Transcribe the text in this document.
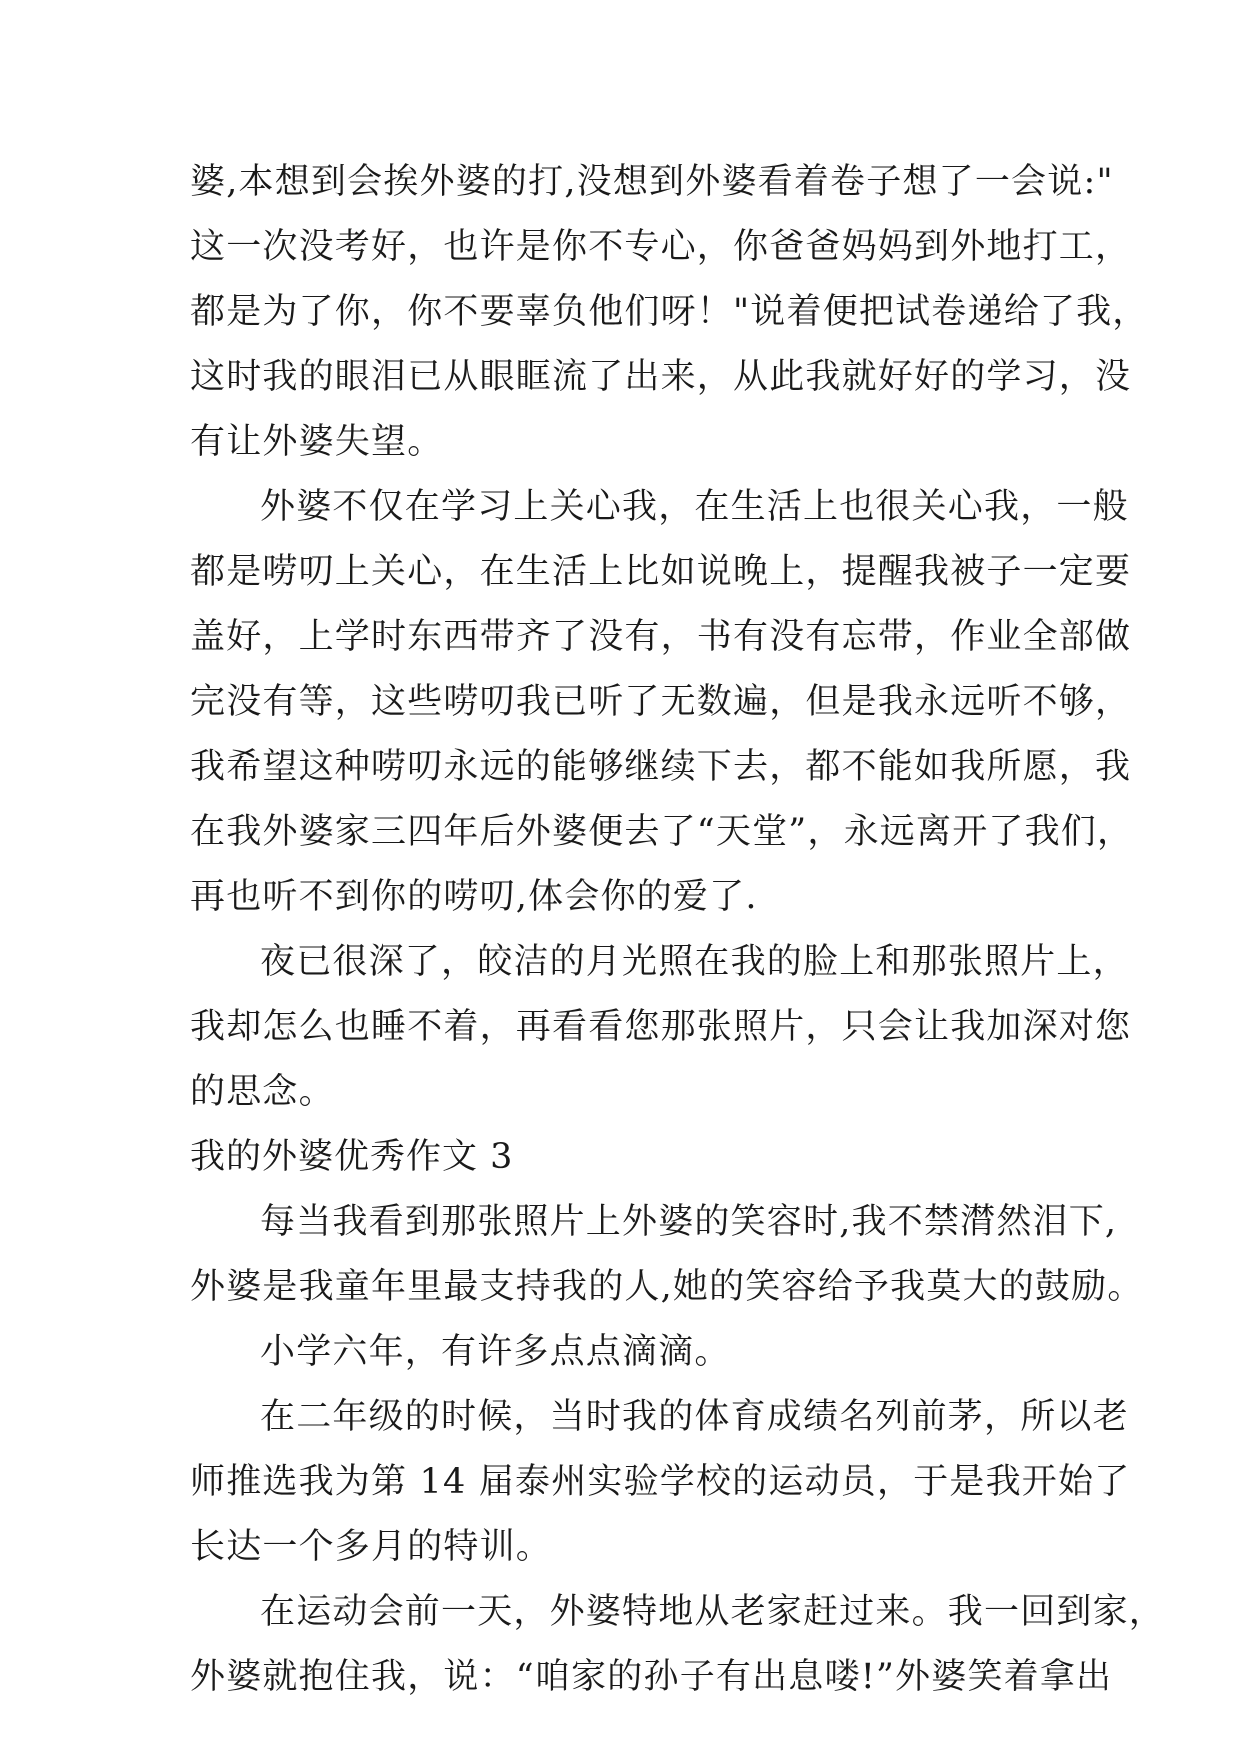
婆,本想到会挨外婆的打,没想到外婆看着卷子想了一会说:"
这一次没考好，也许是你不专心，你爸爸妈妈到外地打工，
都是为了你，你不要辜负他们呀！"说着便把试卷递给了我，
这时我的眼泪已从眼眶流了出来，从此我就好好的学习，没
有让外婆失望。
外婆不仅在学习上关心我，在生活上也很关心我，一般
都是唠叨上关心，在生活上比如说晚上，提醒我被子一定要
盖好，上学时东西带齐了没有，书有没有忘带，作业全部做
完没有等，这些唠叨我已听了无数遍，但是我永远听不够，
我希望这种唠叨永远的能够继续下去，都不能如我所愿，我
在我外婆家三四年后外婆便去了“天堂”，永远离开了我们，
再也听不到你的唠叨,体会你的爱了.
夜已很深了，皎洁的月光照在我的脸上和那张照片上，
我却怎么也睡不着，再看看您那张照片，只会让我加深对您
的思念。
我的外婆优秀作文 3
每当我看到那张照片上外婆的笑容时,我不禁潸然泪下,
外婆是我童年里最支持我的人,她的笑容给予我莫大的鼓励。
小学六年，有许多点点滴滴。
在二年级的时候，当时我的体育成绩名列前茅，所以老
师推选我为第 14 届泰州实验学校的运动员，于是我开始了
长达一个多月的特训。
在运动会前一天，外婆特地从老家赶过来。我一回到家，
外婆就抱住我，说：“咱家的孙子有出息喽!”外婆笑着拿出
